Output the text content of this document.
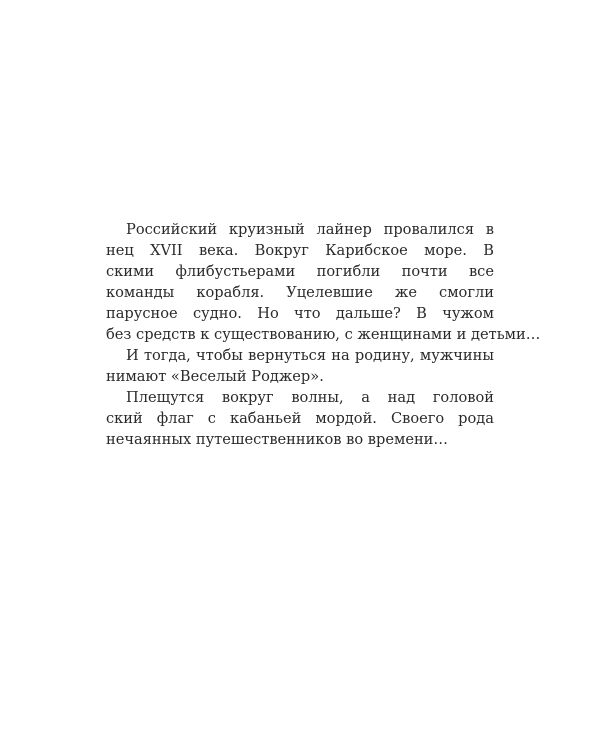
Российский круизный лайнер провалился в
нец XVII века. Вокруг Карибское море. В
скими флибустьерами погибли почти все
команды корабля. Уцелевшие же смогли
парусное судно. Но что дальше? В чужом
без средств к существованию, с женщинами и детьми…
И тогда, чтобы вернуться на родину, мужчины
нимают «Веселый Роджер».
Плещутся вокруг волны, а над головой
ский флаг с кабаньей мордой. Своего рода
нечаянных путешественников во времени…
